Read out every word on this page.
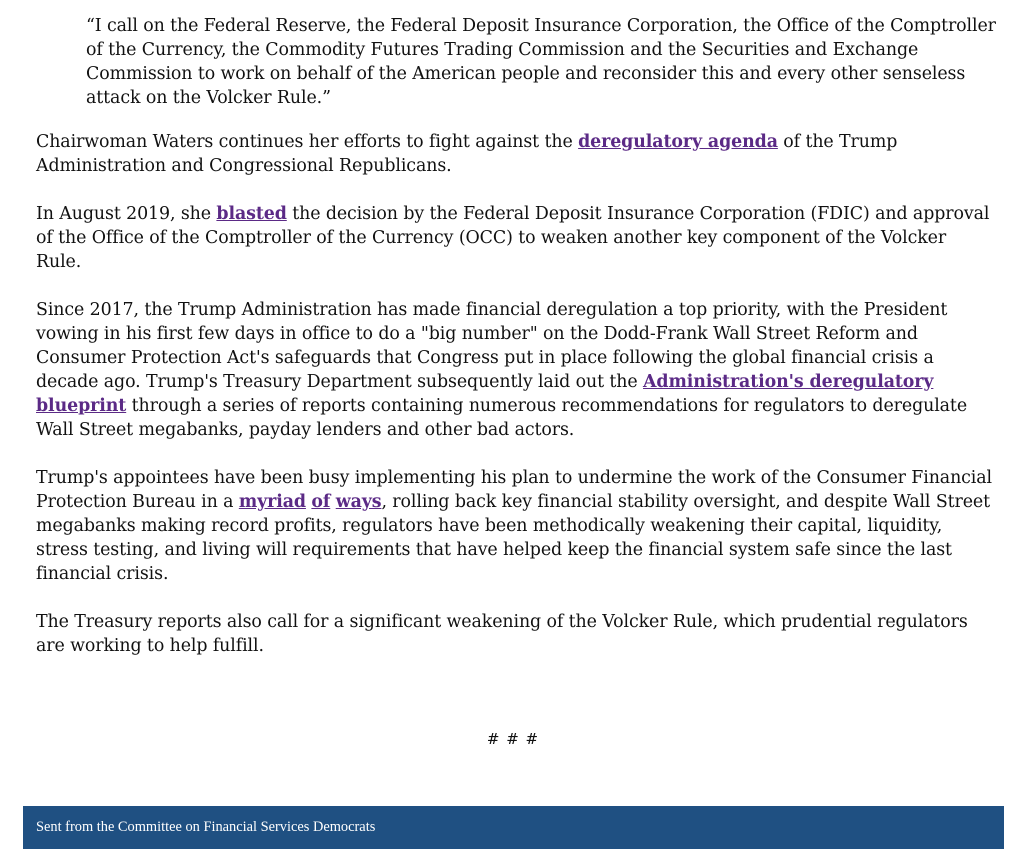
“I call on the Federal Reserve, the Federal Deposit Insurance Corporation, the Office of the Comptroller of the Currency, the Commodity Futures Trading Commission and the Securities and Exchange Commission to work on behalf of the American people and reconsider this and every other senseless attack on the Volcker Rule.”

Chairwoman Waters continues her efforts to fight against the deregulatory agenda of the Trump Administration and Congressional Republicans.

In August 2019, she blasted the decision by the Federal Deposit Insurance Corporation (FDIC) and approval of the Office of the Comptroller of the Currency (OCC) to weaken another key component of the Volcker Rule.

Since 2017, the Trump Administration has made financial deregulation a top priority, with the President vowing in his first few days in office to do a "big number" on the Dodd-Frank Wall Street Reform and Consumer Protection Act's safeguards that Congress put in place following the global financial crisis a decade ago. Trump's Treasury Department subsequently laid out the Administration's deregulatory blueprint through a series of reports containing numerous recommendations for regulators to deregulate Wall Street megabanks, payday lenders and other bad actors.

Trump's appointees have been busy implementing his plan to undermine the work of the Consumer Financial Protection Bureau in a myriad of ways, rolling back key financial stability oversight, and despite Wall Street megabanks making record profits, regulators have been methodically weakening their capital, liquidity, stress testing, and living will requirements that have helped keep the financial system safe since the last financial crisis.

The Treasury reports also call for a significant weakening of the Volcker Rule, which prudential regulators are working to help fulfill.

# # #
Sent from the Committee on Financial Services Democrats
